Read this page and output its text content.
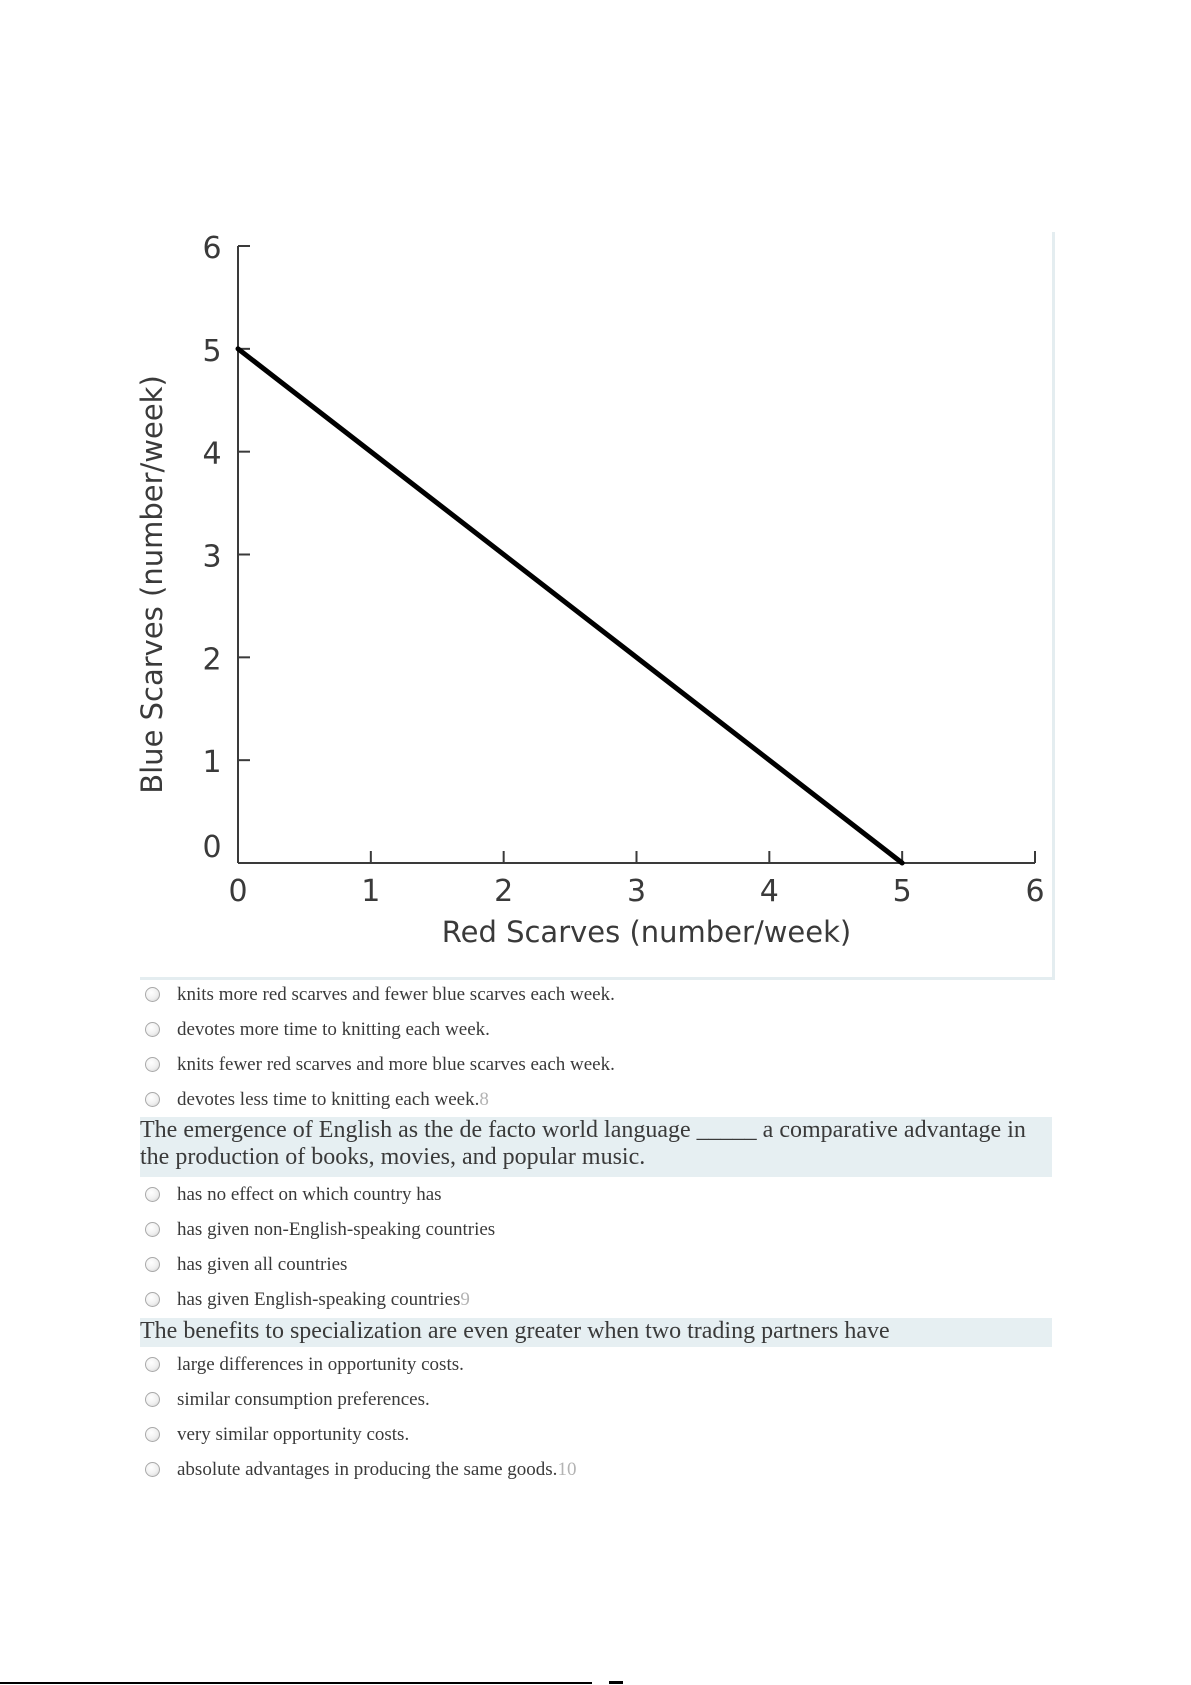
0
1
2
3
4
5
6
0	1	2	3	4	5	6
Red Scarves (number/week)
Blue Scarves (number/week)
knits more red scarves and fewer blue scarves each week.
devotes more time to knitting each week.
knits fewer red scarves and more blue scarves each week.
devotes less time to knitting each week. 8
The emergence of English as the de facto world language _____ a comparative advantage in the production of books, movies, and popular music.
has no effect on which country has
has given non-English-speaking countries
has given all countries
has given English-speaking countries 9
The benefits to specialization are even greater when two trading partners have
large differences in opportunity costs.
similar consumption preferences.
very similar opportunity costs.
absolute advantages in producing the same goods. 10
